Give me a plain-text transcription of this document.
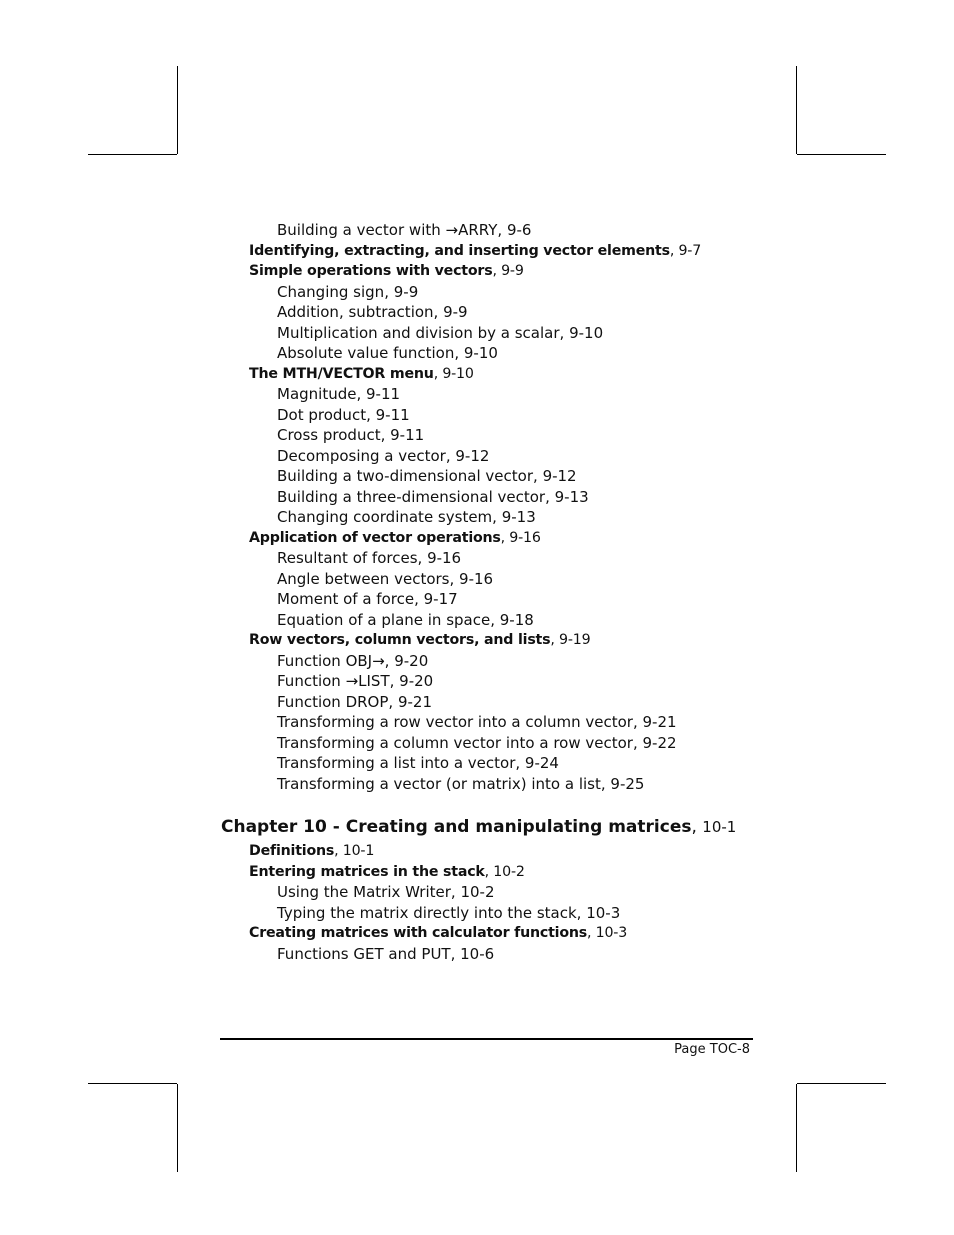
Building a vector with →ARRY, 9-6
Identifying, extracting, and inserting vector elements, 9-7
Simple operations with vectors, 9-9
Changing sign, 9-9
Addition, subtraction, 9-9
Multiplication and division by a scalar, 9-10
Absolute value function, 9-10
The MTH/VECTOR menu, 9-10
Magnitude, 9-11
Dot product, 9-11
Cross product, 9-11
Decomposing a vector, 9-12
Building a two-dimensional vector, 9-12
Building a three-dimensional vector, 9-13
Changing coordinate system, 9-13
Application of vector operations, 9-16
Resultant of forces, 9-16
Angle between vectors, 9-16
Moment of a force, 9-17
Equation of a plane in space, 9-18
Row vectors, column vectors, and lists, 9-19
Function OBJ→, 9-20
Function →LIST, 9-20
Function DROP, 9-21
Transforming a row vector into a column vector, 9-21
Transforming a column vector into a row vector, 9-22
Transforming a list into a vector, 9-24
Transforming a vector (or matrix) into a list, 9-25
Chapter 10 - Creating and manipulating matrices, 10-1
Definitions, 10-1
Entering matrices in the stack, 10-2
Using the Matrix Writer, 10-2
Typing the matrix directly into the stack, 10-3
Creating matrices with calculator functions, 10-3
Functions GET and PUT, 10-6
Page TOC-8
